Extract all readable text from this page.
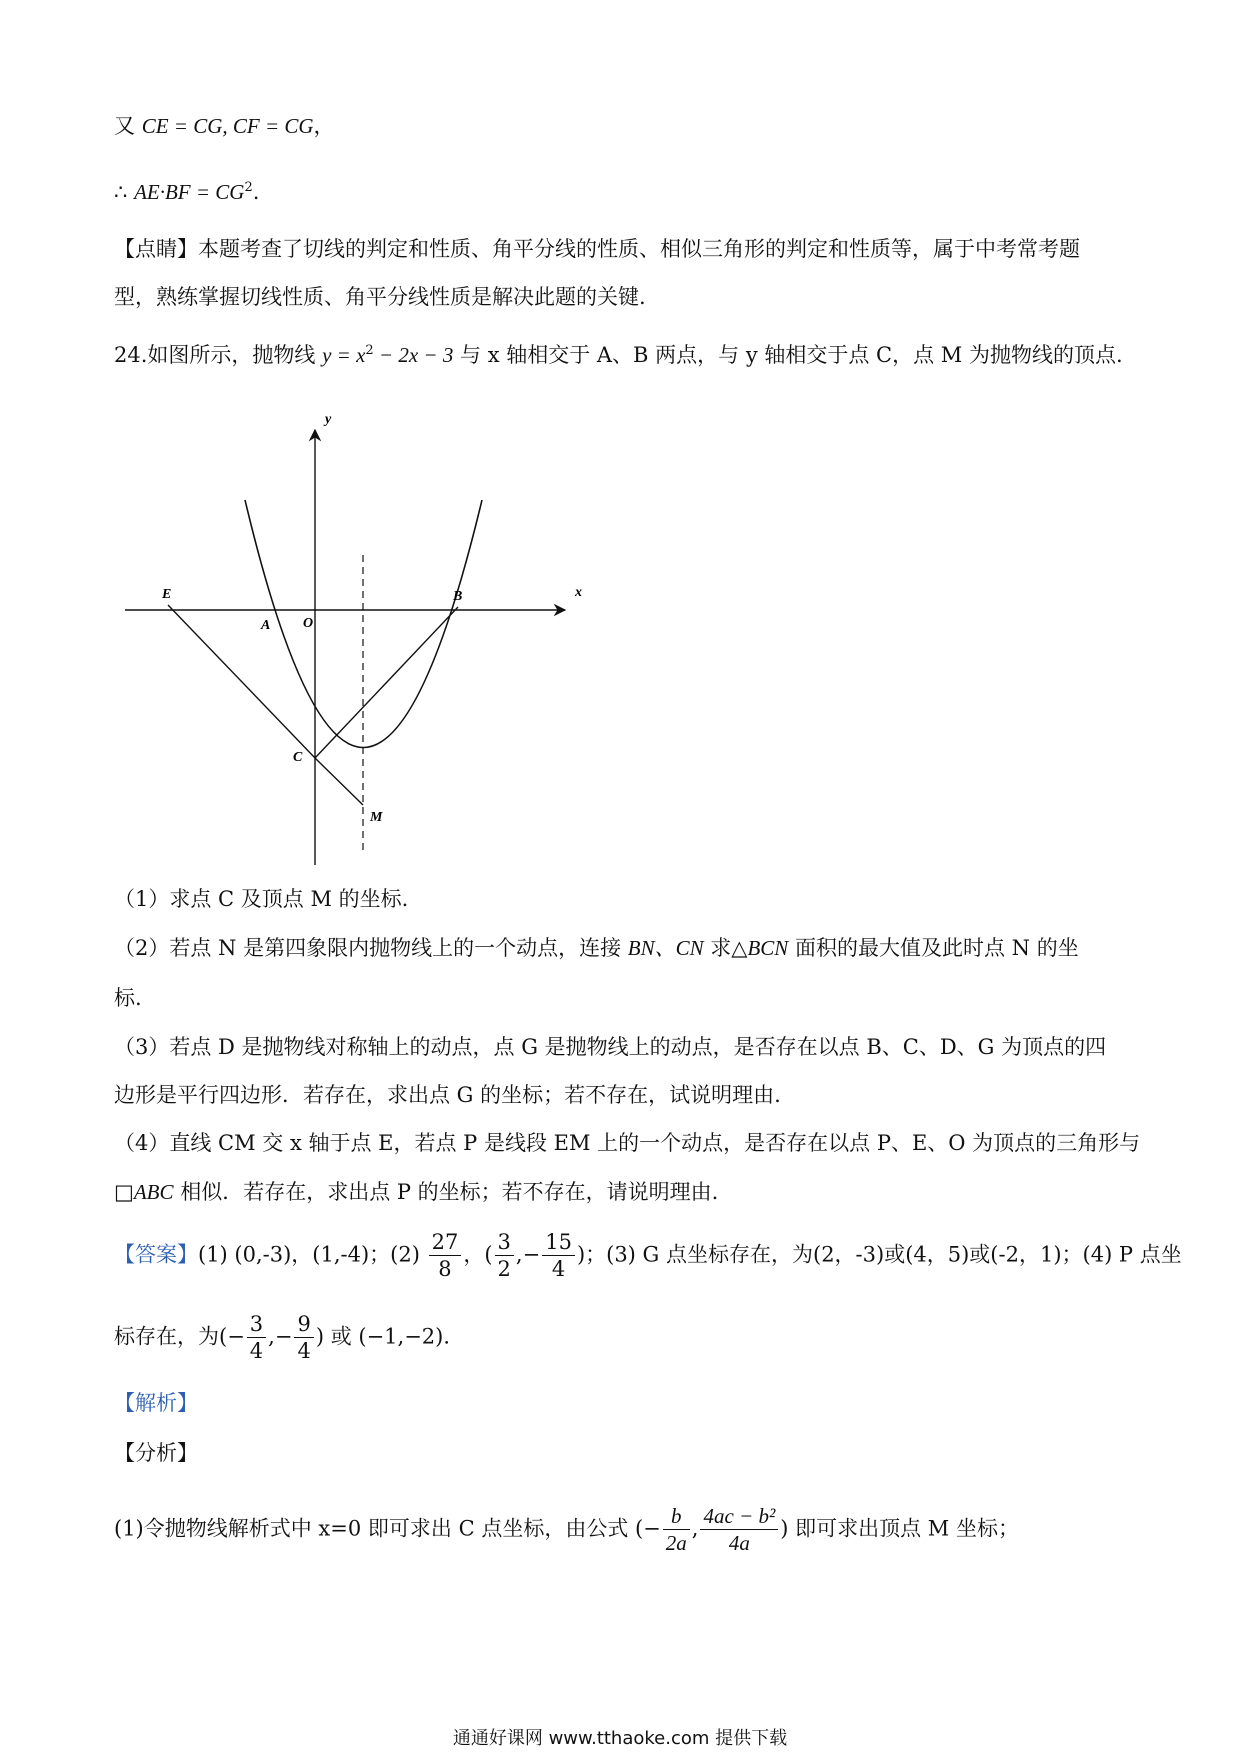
又 CE = CG, CF = CG，
∴ $AE\cdot BF = CG^2$.
【点睛】本题考查了切线的判定和性质、角平分线的性质、相似三角形的判定和性质等，属于中考常考题
型，熟练掌握切线性质、角平分线性质是解决此题的关键.
24.如图所示，抛物线 $y = x^2 - 2x - 3$ 与 x 轴相交于 A、B 两点，与 y 轴相交于点 C，点 M 为抛物线的顶点.
y
x
E
A O
B
C
M
（1）求点 C 及顶点 M 的坐标.
（2）若点 N 是第四象限内抛物线上的一个动点，连接 BN、CN 求△BCN 面积的最大值及此时点 N 的坐
标.
（3）若点 D 是抛物线对称轴上的动点，点 G 是抛物线上的动点，是否存在以点 B、C、D、G 为顶点的四
边形是平行四边形．若存在，求出点 G 的坐标；若不存在，试说明理由.
（4）直线 CM 交 x 轴于点 E，若点 P 是线段 EM 上的一个动点，是否存在以点 P、E、O 为顶点的三角形与
□ABC 相似．若存在，求出点 P 的坐标；若不存在，请说明理由.
【答案】(1) (0,-3)，(1,-4)；$(2) \frac{27}{8}$ ，( $\frac{3}{2}$ ,− $\frac{15}{4}$ )；(3) G 点坐标存在，为(2，-3)或(4，5)或(-2，1)；(4) P 点坐
标存在，为(− $\frac{3}{4}$ ,− $\frac{9}{4}$ ) 或 (−1,−2)．
【解析】
【分析】
(1)令抛物线解析式中 x=0 即可求出 C 点坐标，由公式 (− $\frac{b}{2a}$ , $\frac{\text{4ac − b²}}{4a}$ ) 即可求出顶点 M 坐标；
通通好课网 www.tthaoke.com 提供下载
